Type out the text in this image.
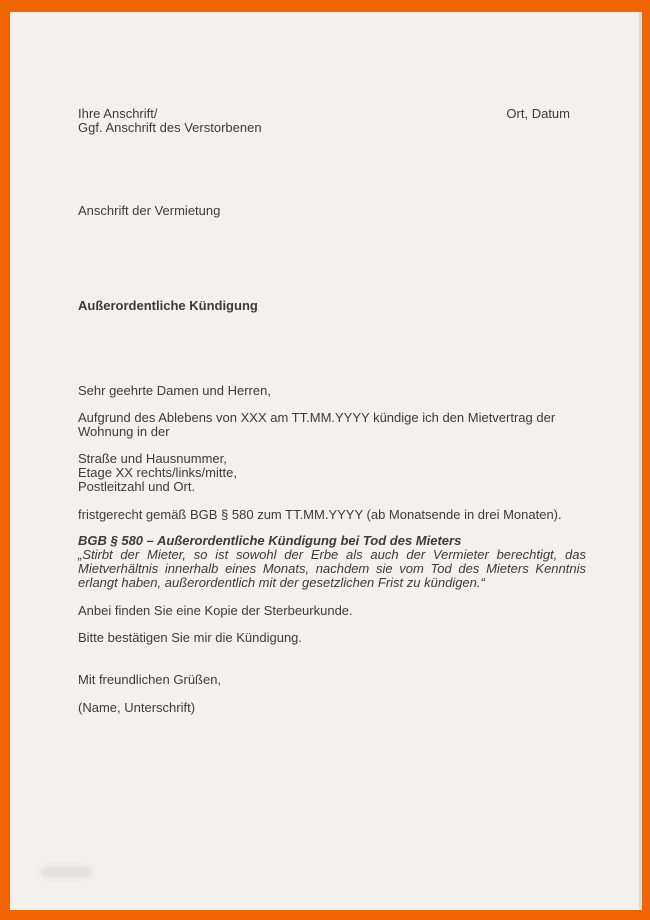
Ihre Anschrift/
Ggf. Anschrift des Verstorbenen
Ort, Datum
Anschrift der Vermietung
Außerordentliche Kündigung
Sehr geehrte Damen und Herren,
Aufgrund des Ablebens von XXX am TT.MM.YYYY kündige ich den Mietvertrag der Wohnung in der
Straße und Hausnummer,
Etage XX rechts/links/mitte,
Postleitzahl und Ort.
fristgerecht gemäß BGB § 580 zum TT.MM.YYYY (ab Monatsende in drei Monaten).
BGB § 580 – Außerordentliche Kündigung bei Tod des Mieters
„Stirbt der Mieter, so ist sowohl der Erbe als auch der Vermieter berechtigt, das Mietverhältnis innerhalb eines Monats, nachdem sie vom Tod des Mieters Kenntnis erlangt haben, außerordentlich mit der gesetzlichen Frist zu kündigen.“
Anbei finden Sie eine Kopie der Sterbeurkunde.
Bitte bestätigen Sie mir die Kündigung.
Mit freundlichen Grüßen,
(Name, Unterschrift)
